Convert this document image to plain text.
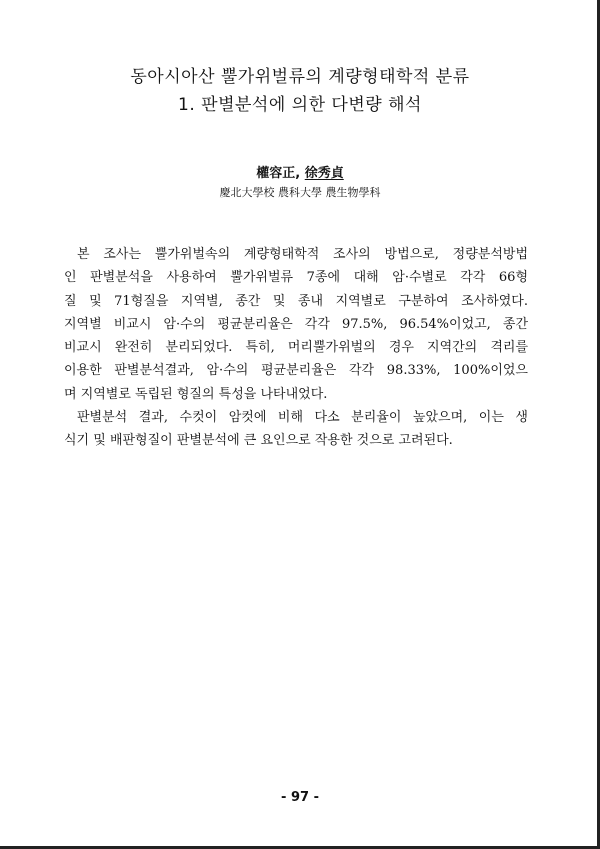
동아시아산 뿔가위벌류의 계량형태학적 분류
1. 판별분석에 의한 다변량 해석
權容正, 徐秀貞
慶北大學校 農科大學 農生物學科
본 조사는 뿔가위벌속의 계량형태학적 조사의 방법으로, 정량분석방법
인 판별분석을 사용하여 뿔가위벌류 7종에 대해 암·수별로 각각 66형
질 및 71형질을 지역별, 종간 및 종내 지역별로 구분하여 조사하였다.
지역별 비교시 암·수의 평균분리율은 각각 97.5%, 96.54%이었고, 종간
비교시 완전히 분리되었다. 특히, 머리뿔가위벌의 경우 지역간의 격리를
이용한 판별분석결과, 암·수의 평균분리율은 각각 98.33%, 100%이었으
며 지역별로 독립된 형질의 특성을 나타내었다.
판별분석 결과, 수컷이 암컷에 비해 다소 분리율이 높았으며, 이는 생
식기 및 배판형질이 판별분석에 큰 요인으로 작용한 것으로 고려된다.
- 97 -
